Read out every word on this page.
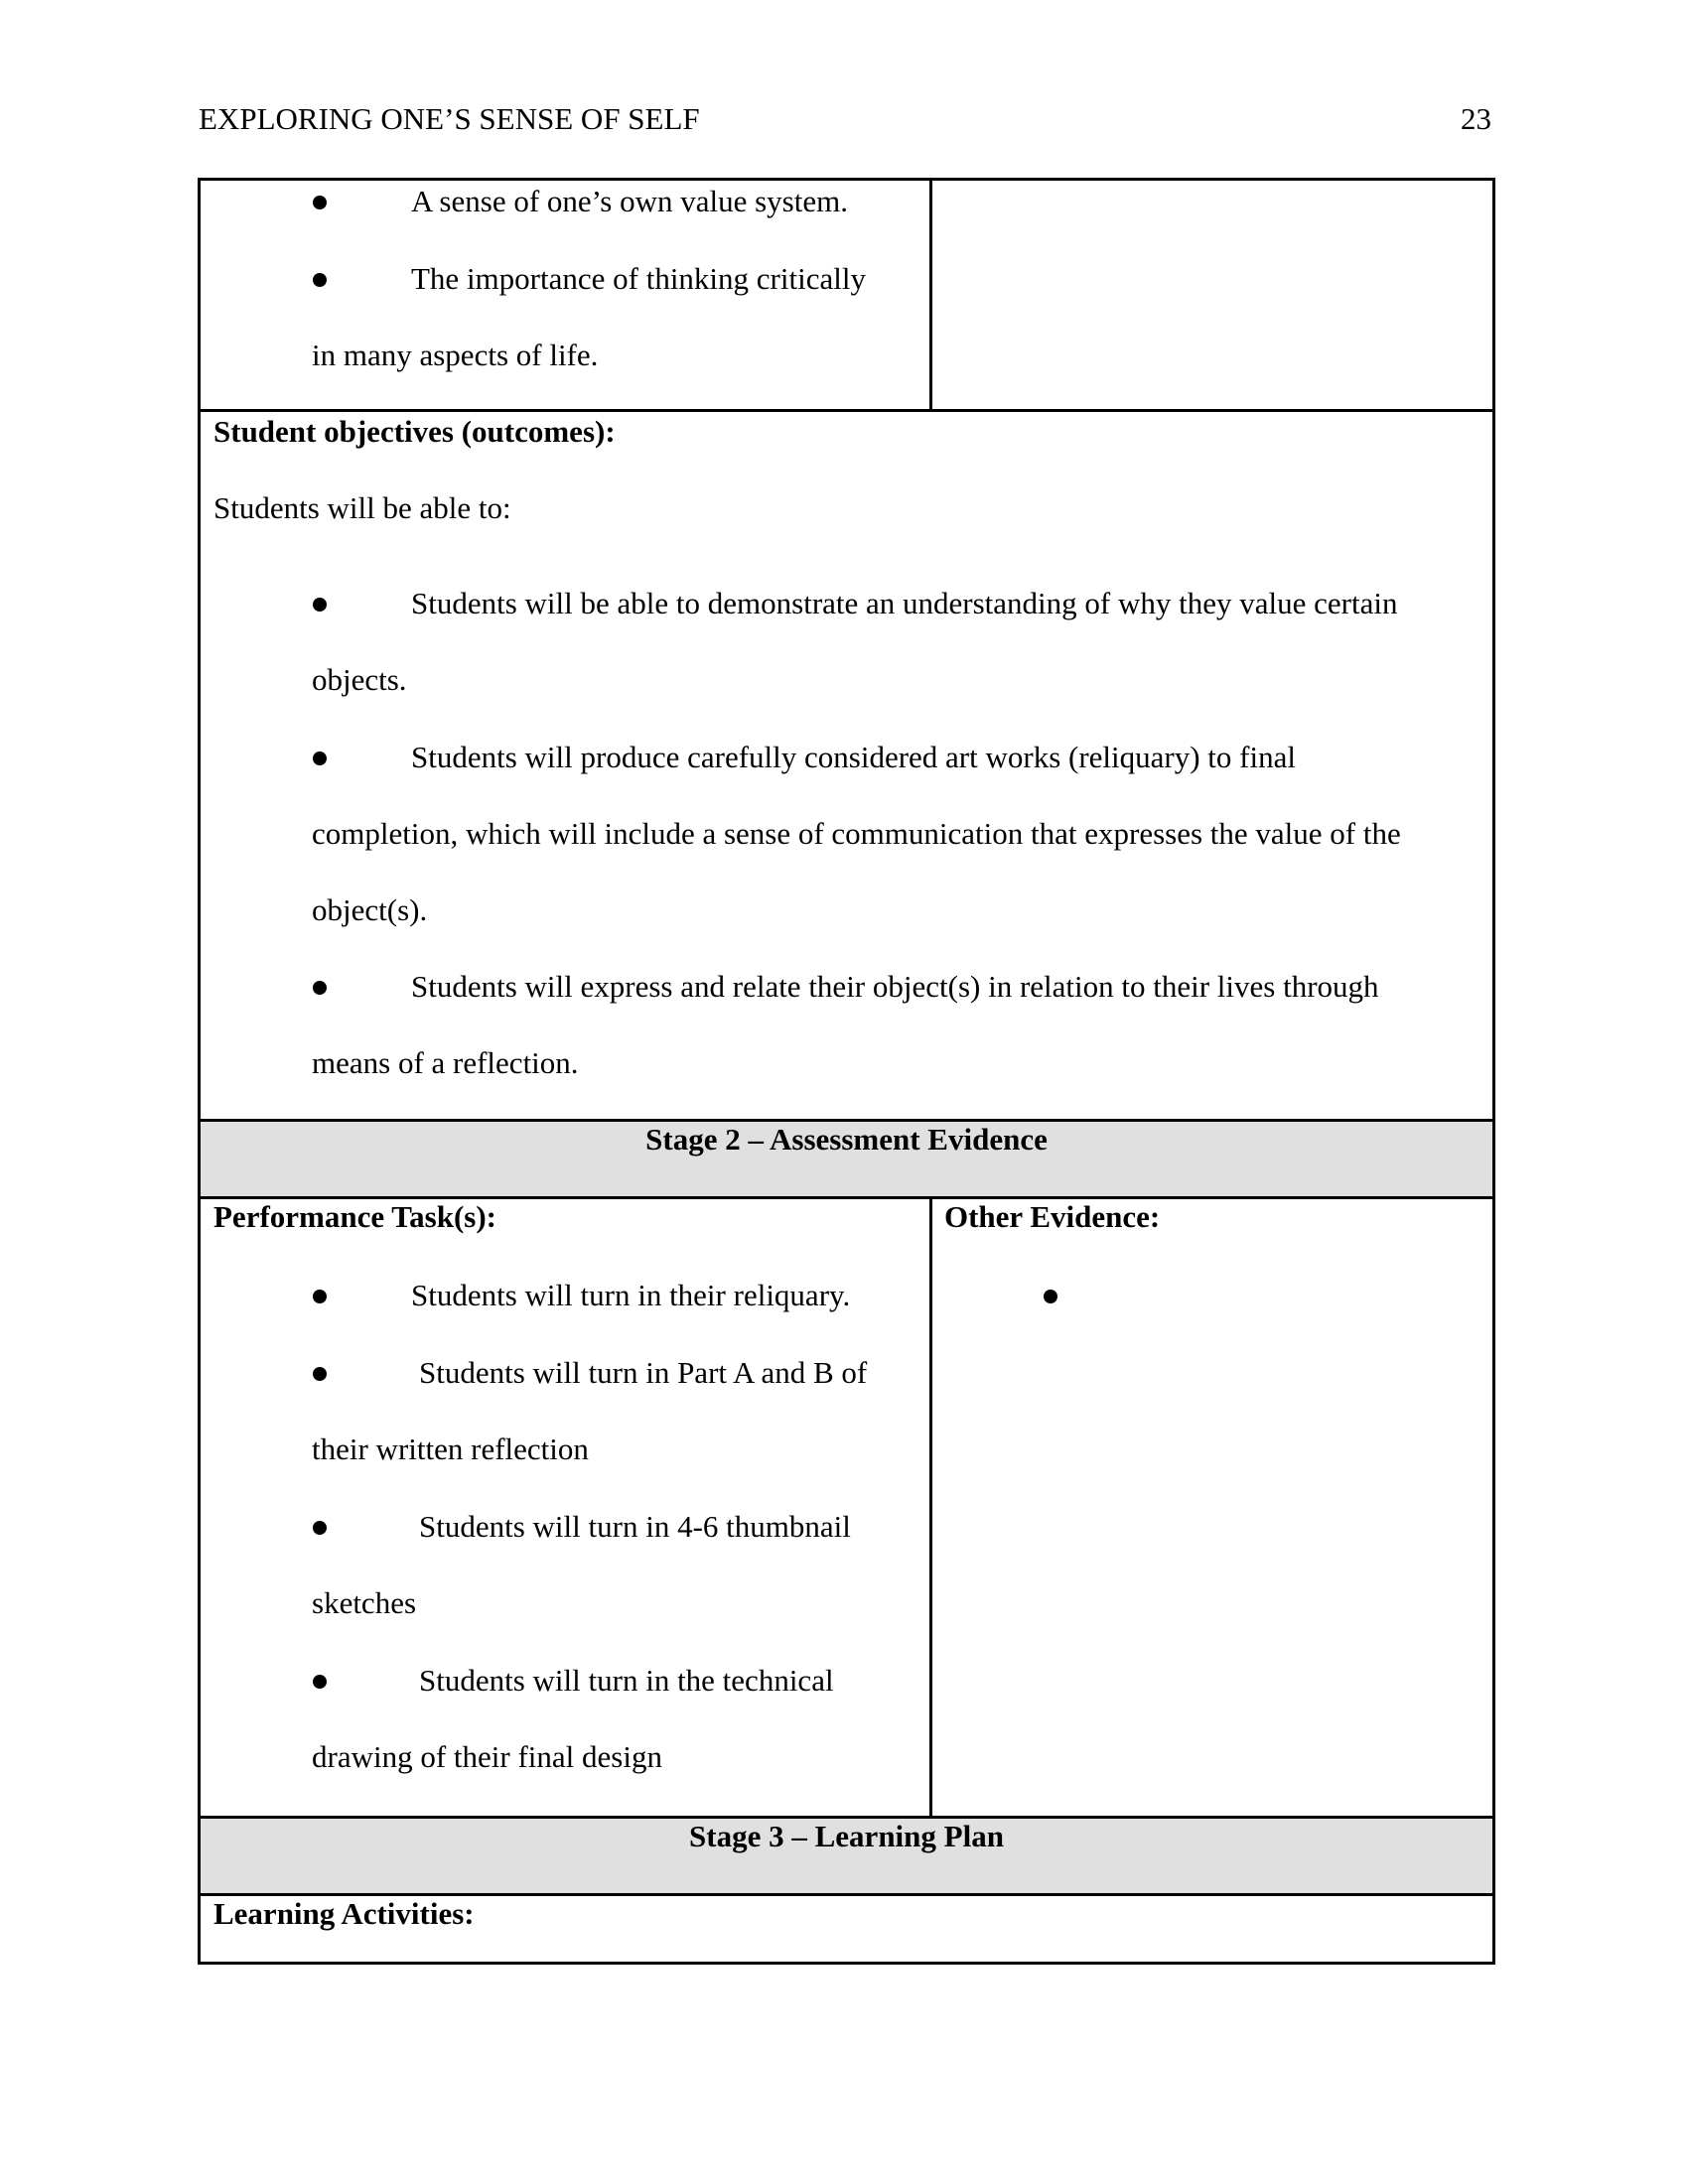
EXPLORING ONE’S SENSE OF SELF	23
A sense of one’s own value system.
The importance of thinking critically
in many aspects of life.
Student objectives (outcomes):
Students will be able to:
Students will be able to demonstrate an understanding of why they value certain
objects.
Students will produce carefully considered art works (reliquary) to final
completion, which will include a sense of communication that expresses the value of the
object(s).
Students will express and relate their object(s) in relation to their lives through
means of a reflection.
Stage 2 – Assessment Evidence
Performance Task(s):
Students will turn in their reliquary.
Students will turn in Part A and B of
their written reflection
Students will turn in 4-6 thumbnail
sketches
Students will turn in the technical
drawing of their final design
Other Evidence:
Stage 3 – Learning Plan
Learning Activities:
